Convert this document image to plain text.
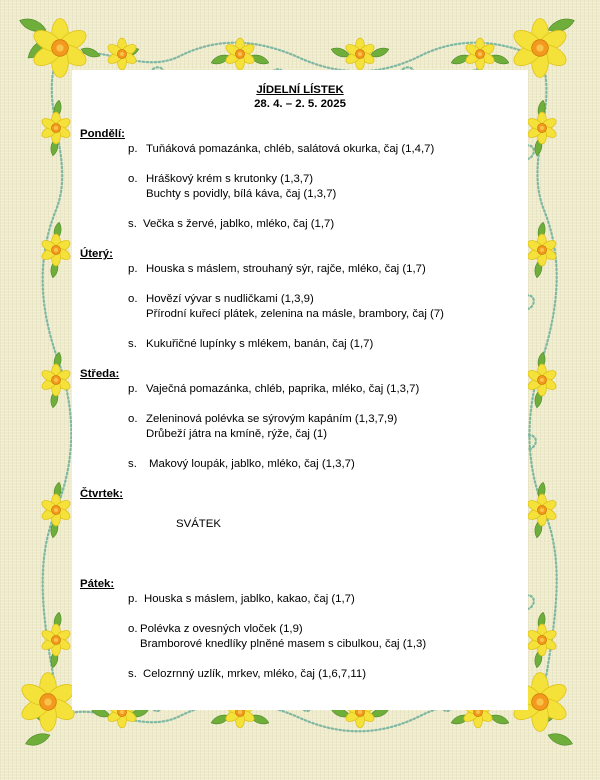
JÍDELNÍ LÍSTEK
28. 4. – 2. 5. 2025
Pondělí:
p. Tuňáková pomazánka, chléb, salátová okurka, čaj (1,4,7)
o. Hráškový krém s krutonky (1,3,7)
Buchty s povidly, bílá káva, čaj (1,3,7)
s. Večka s žervé, jablko, mléko, čaj (1,7)
Úterý:
p. Houska s máslem, strouhaný sýr, rajče, mléko, čaj (1,7)
o. Hovězí vývar s nudličkami (1,3,9)
Přírodní kuřecí plátek, zelenina na másle, brambory, čaj (7)
s. Kukuřičné lupínky s mlékem, banán, čaj (1,7)
Středa:
p. Vaječná pomazánka, chléb, paprika, mléko, čaj (1,3,7)
o. Zeleninová polévka se sýrovým kapáním (1,3,7,9)
Drůbeží játra na kmíně, rýže, čaj (1)
s. Makový loupák, jablko, mléko, čaj (1,3,7)
Čtvrtek:
SVÁTEK
Pátek:
p. Houska s máslem, jablko, kakao, čaj (1,7)
o. Polévka z ovesných vloček (1,9)
Bramborové knedlíky plněné masem s cibulkou, čaj (1,3)
s. Celozrnný uzlík, mrkev, mléko, čaj (1,6,7,11)
